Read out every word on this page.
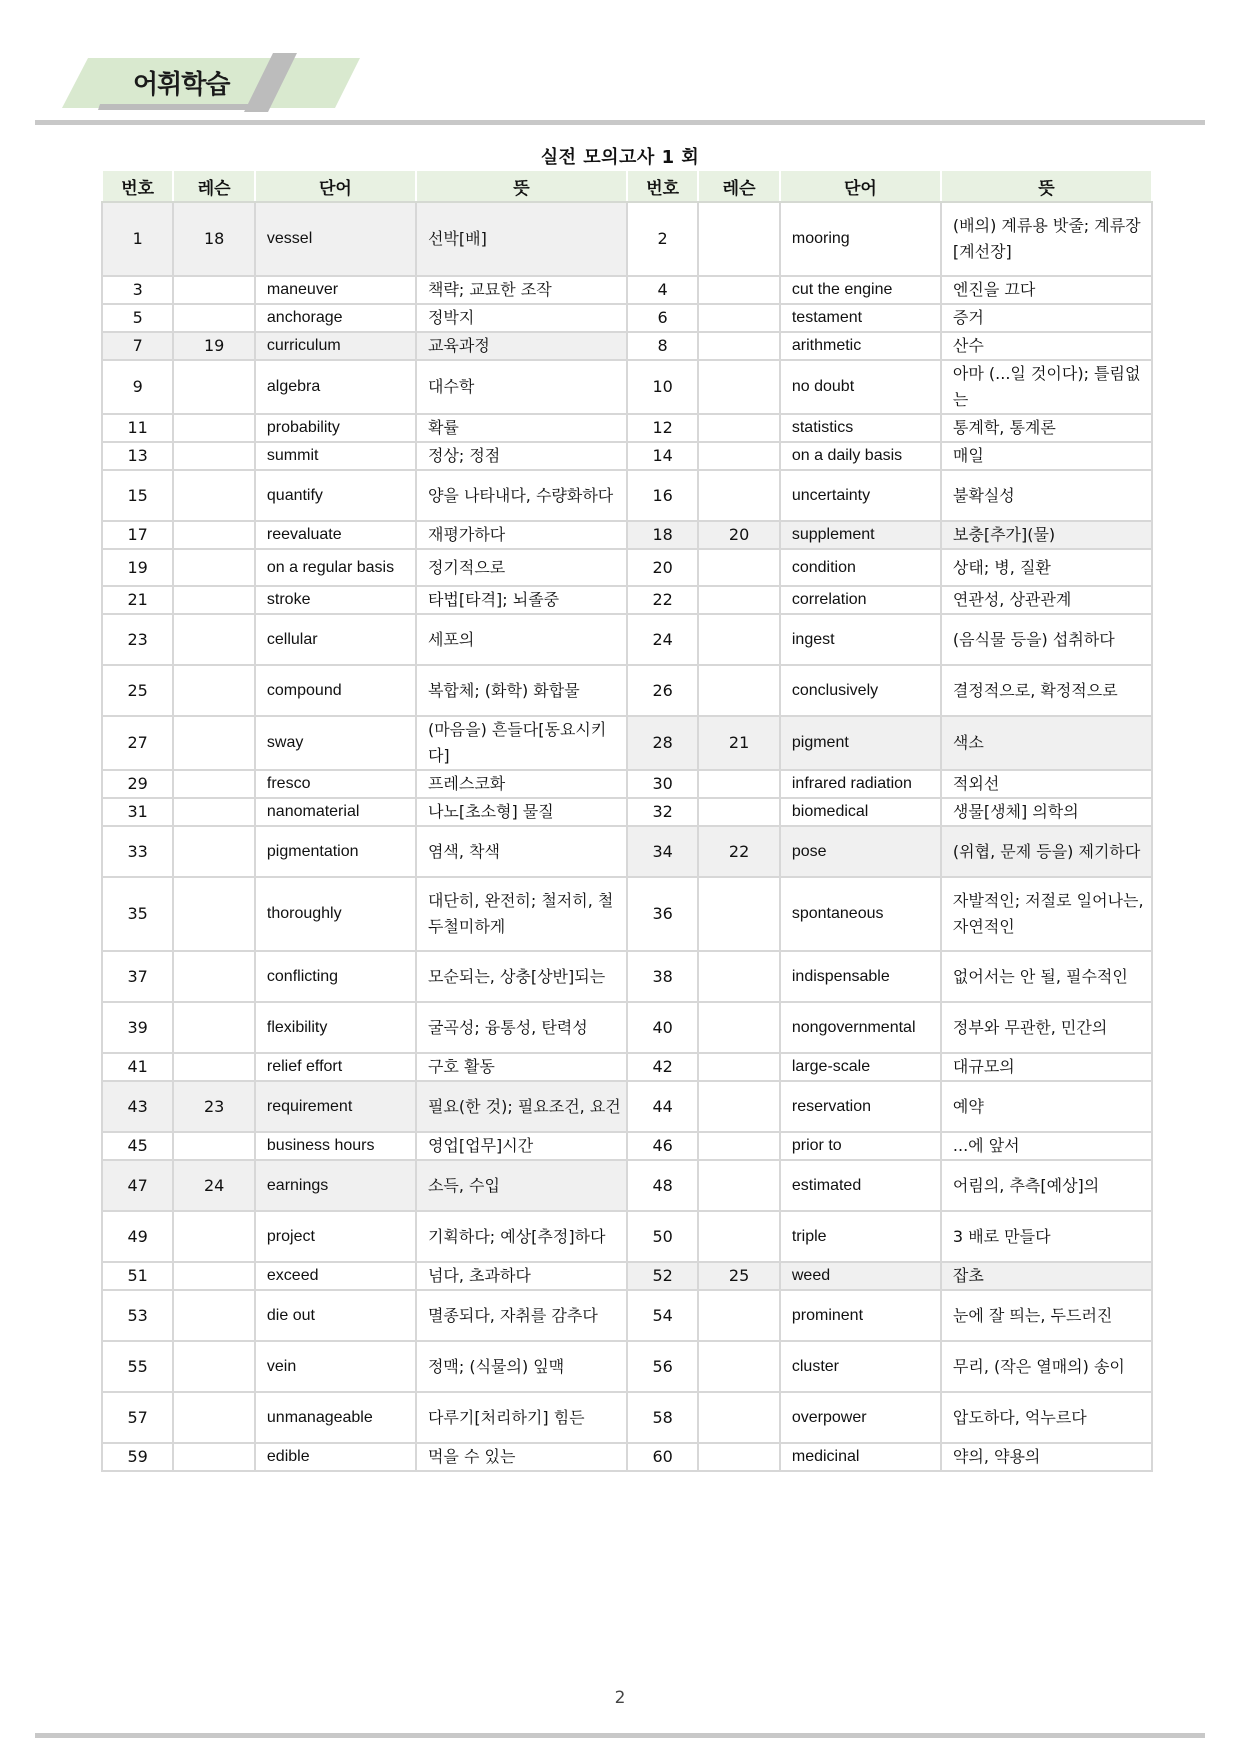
어휘학습
실전 모의고사 1 회
번호	레슨	단어	뜻	번호	레슨	단어	뜻
1	18	vessel	선박[배]	2		mooring	(배의) 계류용 밧줄; 계류장[계선장]
3		maneuver	책략; 교묘한 조작	4		cut the engine	엔진을 끄다
5		anchorage	정박지	6		testament	증거
7	19	curriculum	교육과정	8		arithmetic	산수
9		algebra	대수학	10		no doubt	아마 (...일 것이다); 틀림없는
11		probability	확률	12		statistics	통계학, 통계론
13		summit	정상; 정점	14		on a daily basis	매일
15		quantify	양을 나타내다, 수량화하다	16		uncertainty	불확실성
17		reevaluate	재평가하다	18	20	supplement	보충[추가](물)
19		on a regular basis	정기적으로	20		condition	상태; 병, 질환
21		stroke	타법[타격]; 뇌졸중	22		correlation	연관성, 상관관계
23		cellular	세포의	24		ingest	(음식물 등을) 섭취하다
25		compound	복합체; (화학) 화합물	26		conclusively	결정적으로, 확정적으로
27		sway	(마음을) 흔들다[동요시키다]	28	21	pigment	색소
29		fresco	프레스코화	30		infrared radiation	적외선
31		nanomaterial	나노[초소형] 물질	32		biomedical	생물[생체] 의학의
33		pigmentation	염색, 착색	34	22	pose	(위협, 문제 등을) 제기하다
35		thoroughly	대단히, 완전히; 철저히, 철두철미하게	36		spontaneous	자발적인; 저절로 일어나는, 자연적인
37		conflicting	모순되는, 상충[상반]되는	38		indispensable	없어서는 안 될, 필수적인
39		flexibility	굴곡성; 융통성, 탄력성	40		nongovernmental	정부와 무관한, 민간의
41		relief effort	구호 활동	42		large-scale	대규모의
43	23	requirement	필요(한 것); 필요조건, 요건	44		reservation	예약
45		business hours	영업[업무]시간	46		prior to	...에 앞서
47	24	earnings	소득, 수입	48		estimated	어림의, 추측[예상]의
49		project	기획하다; 예상[추정]하다	50		triple	3 배로 만들다
51		exceed	넘다, 초과하다	52	25	weed	잡초
53		die out	멸종되다, 자취를 감추다	54		prominent	눈에 잘 띄는, 두드러진
55		vein	정맥; (식물의) 잎맥	56		cluster	무리, (작은 열매의) 송이
57		unmanageable	다루기[처리하기] 힘든	58		overpower	압도하다, 억누르다
59		edible	먹을 수 있는	60		medicinal	약의, 약용의
2
